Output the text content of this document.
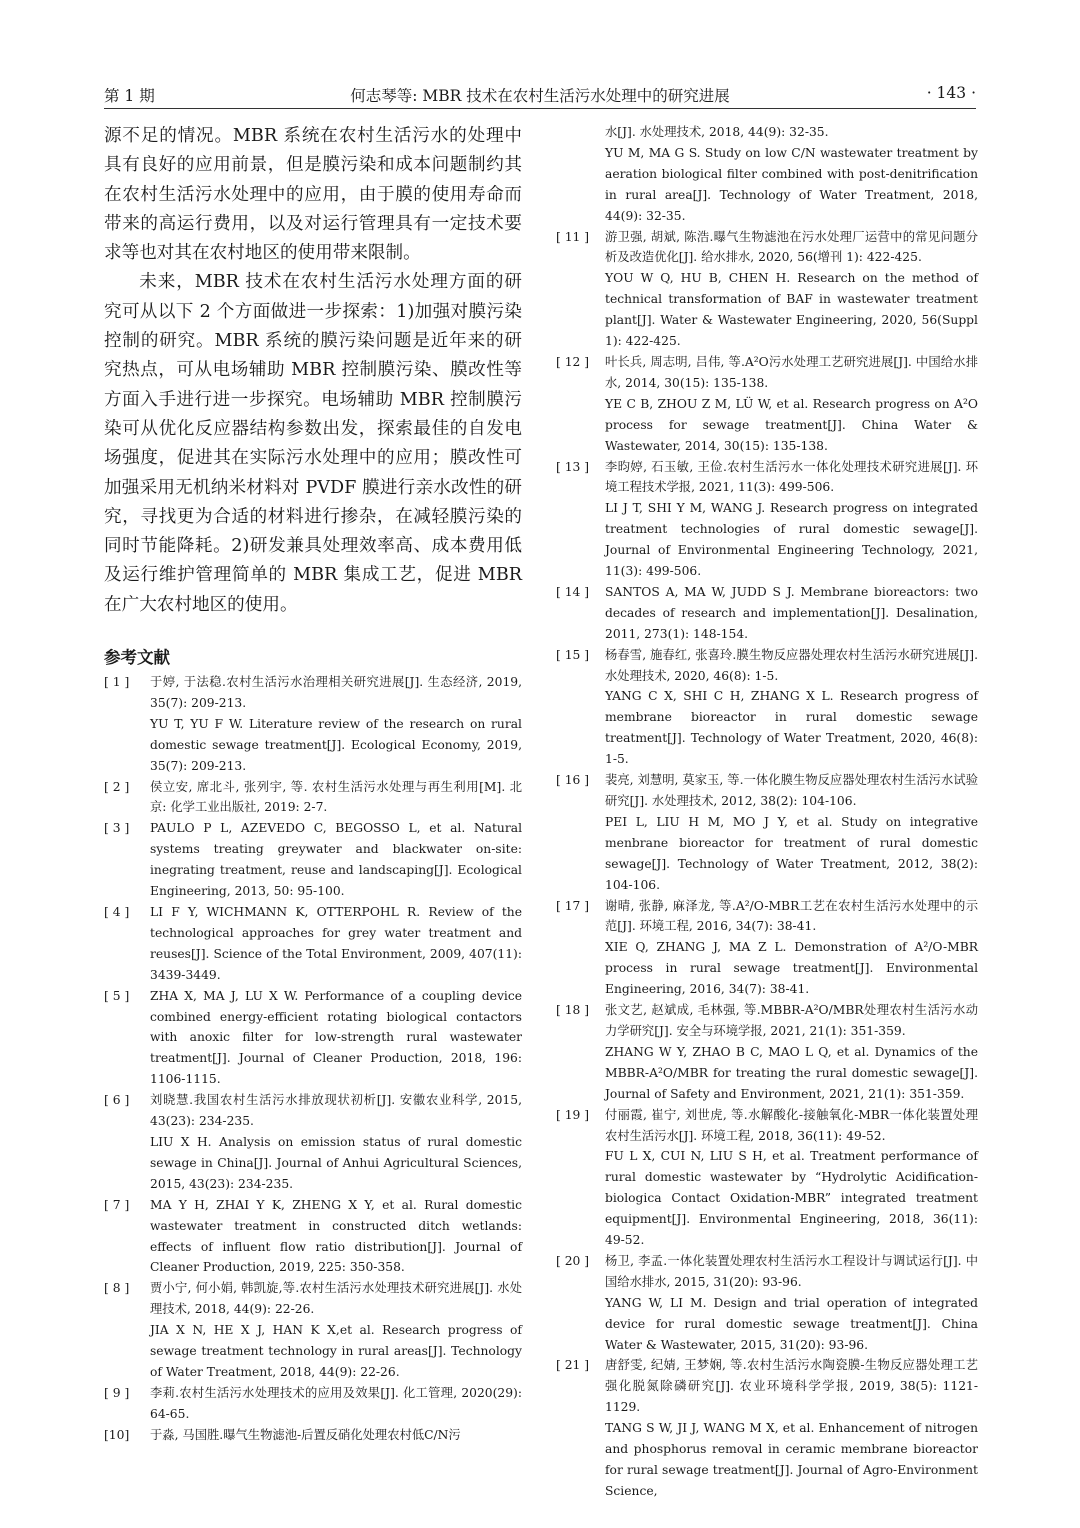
第 1 期	何志琴等: MBR 技术在农村生活污水处理中的研究进展	· 143 ·

源不足的情况。MBR 系统在农村生活污水的处理中具有良好的应用前景，但是膜污染和成本问题制约其在农村生活污水处理中的应用，由于膜的使用寿命而带来的高运行费用，以及对运行管理具有一定技术要求等也对其在农村地区的使用带来限制。

未来，MBR 技术在农村生活污水处理方面的研究可从以下 2 个方面做进一步探索：1)加强对膜污染控制的研究。MBR 系统的膜污染问题是近年来的研究热点，可从电场辅助 MBR 控制膜污染、膜改性等方面入手进行进一步探究。电场辅助 MBR 控制膜污染可从优化反应器结构参数出发，探索最佳的自发电场强度，促进其在实际污水处理中的应用；膜改性可加强采用无机纳米材料对 PVDF 膜进行亲水改性的研究，寻找更为合适的材料进行掺杂，在减轻膜污染的同时节能降耗。2)研发兼具处理效率高、成本费用低及运行维护管理简单的 MBR 集成工艺，促进 MBR 在广大农村地区的使用。

参考文献
[ 1 ]	于婷, 于法稳.农村生活污水治理相关研究进展[J]. 生态经济, 2019, 35(7): 209-213.

YU T, YU F W. Literature review of the research on rural domestic sewage treatment[J]. Ecological Economy, 2019, 35(7): 209-213.

[ 2 ]	侯立安, 席北斗, 张列宇, 等. 农村生活污水处理与再生利用[M]. 北京: 化学工业出版社, 2019: 2-7.

[ 3 ]	PAULO P L, AZEVEDO C, BEGOSSO L, et al. Natural systems treating greywater and blackwater on-site: inegrating treatment, reuse and landscaping[J]. Ecological Engineering, 2013, 50: 95-100.

[ 4 ]	LI F Y, WICHMANN K, OTTERPOHL R. Review of the technological approaches for grey water treatment and reuses[J]. Science of the Total Environment, 2009, 407(11): 3439-3449.

[ 5 ]	ZHA X, MA J, LU X W. Performance of a coupling device combined energy-efficient rotating biological contactors with anoxic filter for low-strength rural wastewater treatment[J]. Journal of Cleaner Production, 2018, 196: 1106-1115.

[ 6 ]	刘晓慧.我国农村生活污水排放现状初析[J]. 安徽农业科学, 2015, 43(23): 234-235.

LIU X H. Analysis on emission status of rural domestic sewage in China[J]. Journal of Anhui Agricultural Sciences, 2015, 43(23): 234-235.

[ 7 ]	MA Y H, ZHAI Y K, ZHENG X Y, et al. Rural domestic wastewater treatment in constructed ditch wetlands: effects of influent flow ratio distribution[J]. Journal of Cleaner Production, 2019, 225: 350-358.

[ 8 ]	贾小宁, 何小娟, 韩凯旋,等.农村生活污水处理技术研究进展[J]. 水处理技术, 2018, 44(9): 22-26.

JIA X N, HE X J, HAN K X,et al. Research progress of sewage treatment technology in rural areas[J]. Technology of Water Treatment, 2018, 44(9): 22-26.

[ 9 ]	李莉.农村生活污水处理技术的应用及效果[J]. 化工管理, 2020(29): 64-65.

[10]	于淼, 马国胜.曝气生物滤池-后置反硝化处理农村低C/N污

水[J]. 水处理技术, 2018, 44(9): 32-35.

YU M, MA G S. Study on low C/N wastewater treatment by aeration biological filter combined with post-denitrification in rural area[J]. Technology of Water Treatment, 2018, 44(9): 32-35.

[ 11 ]	游卫强, 胡斌, 陈浩.曝气生物滤池在污水处理厂运营中的常见问题分析及改造优化[J]. 给水排水, 2020, 56(增刊 1): 422-425.

YOU W Q, HU B, CHEN H. Research on the method of technical transformation of BAF in wastewater treatment plant[J]. Water & Wastewater Engineering, 2020, 56(Suppl 1): 422-425.

[ 12 ]	叶长兵, 周志明, 吕伟, 等.A²O污水处理工艺研究进展[J]. 中国给水排水, 2014, 30(15): 135-138.

YE C B, ZHOU Z M, LÜ W, et al. Research progress on A²O process for sewage treatment[J]. China Water & Wastewater, 2014, 30(15): 135-138.

[ 13 ]	李昀婷, 石玉敏, 王俭.农村生活污水一体化处理技术研究进展[J]. 环境工程技术学报, 2021, 11(3): 499-506.

LI J T, SHI Y M, WANG J. Research progress on integrated treatment technologies of rural domestic sewage[J]. Journal of Environmental Engineering Technology, 2021, 11(3): 499-506.

[ 14 ]	SANTOS A, MA W, JUDD S J. Membrane bioreactors: two decades of research and implementation[J]. Desalination, 2011, 273(1): 148-154.

[ 15 ]	杨春雪, 施春红, 张喜玲.膜生物反应器处理农村生活污水研究进展[J]. 水处理技术, 2020, 46(8): 1-5.

YANG C X, SHI C H, ZHANG X L. Research progress of membrane bioreactor in rural domestic sewage treatment[J]. Technology of Water Treatment, 2020, 46(8): 1-5.

[ 16 ]	裴亮, 刘慧明, 莫家玉, 等.一体化膜生物反应器处理农村生活污水试验研究[J]. 水处理技术, 2012, 38(2): 104-106.

PEI L, LIU H M, MO J Y, et al. Study on integrative menbrane bioreactor for treatment of rural domestic sewage[J]. Technology of Water Treatment, 2012, 38(2): 104-106.

[ 17 ]	谢晴, 张静, 麻泽龙, 等.A²/O-MBR工艺在农村生活污水处理中的示范[J]. 环境工程, 2016, 34(7): 38-41.

XIE Q, ZHANG J, MA Z L. Demonstration of A²/O-MBR process in rural sewage treatment[J]. Environmental Engineering, 2016, 34(7): 38-41.

[ 18 ]	张文艺, 赵斌成, 毛林强, 等.MBBR-A²O/MBR处理农村生活污水动力学研究[J]. 安全与环境学报, 2021, 21(1): 351-359.

ZHANG W Y, ZHAO B C, MAO L Q, et al. Dynamics of the MBBR-A²O/MBR for treating the rural domestic sewage[J]. Journal of Safety and Environment, 2021, 21(1): 351-359.

[ 19 ]	付丽霞, 崔宁, 刘世虎, 等.水解酸化-接触氧化-MBR一体化装置处理农村生活污水[J]. 环境工程, 2018, 36(11): 49-52.

FU L X, CUI N, LIU S H, et al. Treatment performance of rural domestic wastewater by “Hydrolytic Acidification-biologica Contact Oxidation-MBR” integrated treatment equipment[J]. Environmental Engineering, 2018, 36(11): 49-52.

[ 20 ]	杨卫, 李孟.一体化装置处理农村生活污水工程设计与调试运行[J]. 中国给水排水, 2015, 31(20): 93-96.

YANG W, LI M. Design and trial operation of integrated device for rural domestic sewage treatment[J]. China Water & Wastewater, 2015, 31(20): 93-96.

[ 21 ]	唐舒雯, 纪婧, 王梦娴, 等.农村生活污水陶瓷膜-生物反应器处理工艺强化脱氮除磷研究[J]. 农业环境科学学报, 2019, 38(5): 1121-1129.

TANG S W, JI J, WANG M X, et al. Enhancement of nitrogen and phosphorus removal in ceramic membrane bioreactor for rural sewage treatment[J]. Journal of Agro-Environment Science,
